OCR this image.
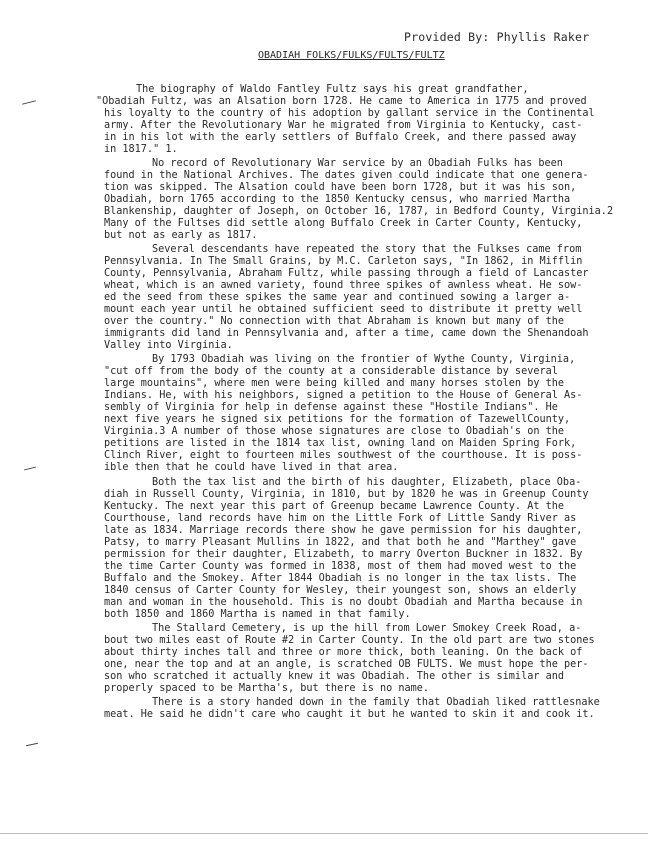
Provided By: Phyllis Raker
OBADIAH FOLKS/FULKS/FULTS/FULTZ
The biography of Waldo Fantley Fultz says his great grandfather,
"Obadiah Fultz, was an Alsation born 1728. He came to America in 1775 and proved
his loyalty to the country of his adoption by gallant service in the Continental
army. After the Revolutionary War he migrated from Virginia to Kentucky, cast-
in in his lot with the early settlers of Buffalo Creek, and there passed away
in 1817." 1.
No record of Revolutionary War service by an Obadiah Fulks has been
found in the National Archives. The dates given could indicate that one genera-
tion was skipped. The Alsation could have been born 1728, but it was his son,
Obadiah, born 1765 according to the 1850 Kentucky census, who married Martha
Blankenship, daughter of Joseph, on October 16, 1787, in Bedford County, Virginia.2
Many of the Fultses did settle along Buffalo Creek in Carter County, Kentucky,
but not as early as 1817.
Several descendants have repeated the story that the Fulkses came from
Pennsylvania. In The Small Grains, by M.C. Carleton says, "In 1862, in Mifflin
County, Pennsylvania, Abraham Fultz, while passing through a field of Lancaster
wheat, which is an awned variety, found three spikes of awnless wheat. He sow-
ed the seed from these spikes the same year and continued sowing a larger a-
mount each year until he obtained sufficient seed to distribute it pretty well
over the country." No connection with that Abraham is known but many of the
immigrants did land in Pennsylvania and, after a time, came down the Shenandoah
Valley into Virginia.
By 1793 Obadiah was living on the frontier of Wythe County, Virginia,
"cut off from the body of the county at a considerable distance by several
large mountains", where men were being killed and many horses stolen by the
Indians. He, with his neighbors, signed a petition to the House of General As-
sembly of Virginia for help in defense against these "Hostile Indians". He
next five years he signed six petitions for the formation of TazewellCounty,
Virginia.3 A number of those whose signatures are close to Obadiah's on the
petitions are listed in the 1814 tax list, owning land on Maiden Spring Fork,
Clinch River, eight to fourteen miles southwest of the courthouse. It is poss-
ible then that he could have lived in that area.
Both the tax list and the birth of his daughter, Elizabeth, place Oba-
diah in Russell County, Virginia, in 1810, but by 1820 he was in Greenup County
Kentucky. The next year this part of Greenup became Lawrence County. At the
Courthouse, land records have him on the Little Fork of Little Sandy River as
late as 1834. Marriage records there show he gave permission for his daughter,
Patsy, to marry Pleasant Mullins in 1822, and that both he and "Marthey" gave
permission for their daughter, Elizabeth, to marry Overton Buckner in 1832. By
the time Carter County was formed in 1838, most of them had moved west to the
Buffalo and the Smokey. After 1844 Obadiah is no longer in the tax lists. The
1840 census of Carter County for Wesley, their youngest son, shows an elderly
man and woman in the household. This is no doubt Obadiah and Martha because in
both 1850 and 1860 Martha is named in that family.
The Stallard Cemetery, is up the hill from Lower Smokey Creek Road, a-
bout two miles east of Route #2 in Carter County. In the old part are two stones
about thirty inches tall and three or more thick, both leaning. On the back of
one, near the top and at an angle, is scratched OB FULTS. We must hope the per-
son who scratched it actually knew it was Obadiah. The other is similar and
properly spaced to be Martha's, but there is no name.
There is a story handed down in the family that Obadiah liked rattlesnake
meat. He said he didn't care who caught it but he wanted to skin it and cook it.
